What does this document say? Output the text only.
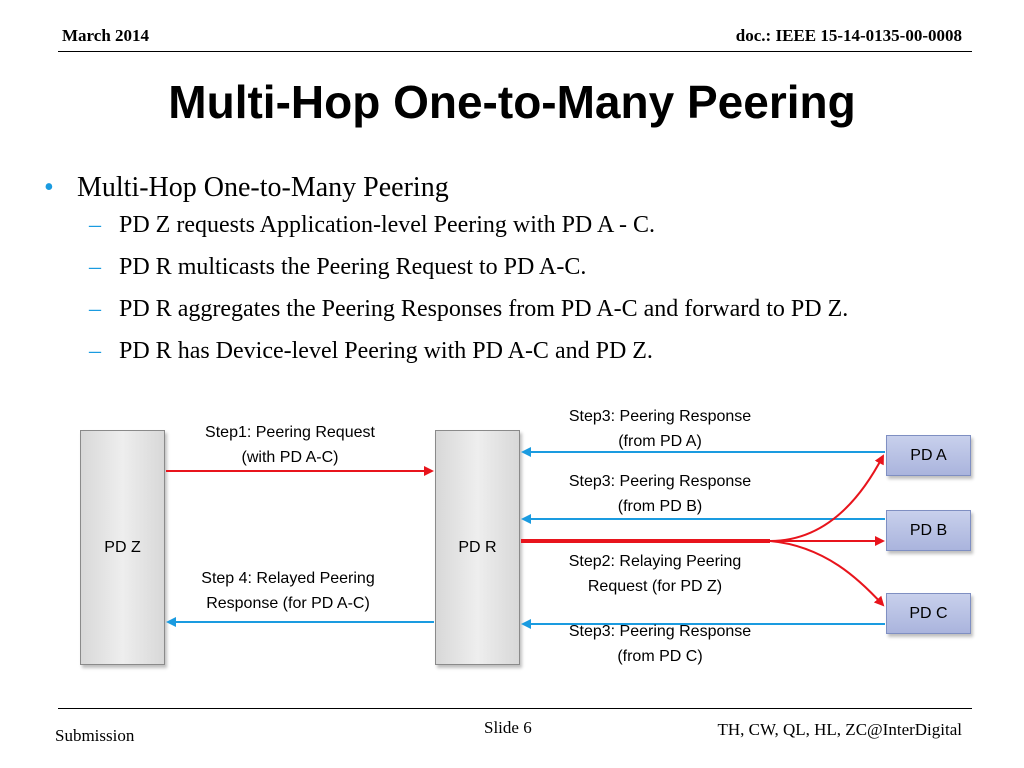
March 2014	doc.: IEEE 15-14-0135-00-0008
Multi-Hop One-to-Many Peering
• Multi-Hop One-to-Many Peering
– PD Z requests Application-level Peering with PD A - C.
– PD R multicasts the Peering Request to PD A-C.
– PD R aggregates the Peering Responses from PD A-C and forward to PD Z.
– PD R has Device-level Peering with PD A-C and PD Z.
PD Z	PD R
PD A
PD B
PD C
Step1: Peering Request
(with PD A-C)
Step 4: Relayed Peering
Response (for PD A-C)
Step3: Peering Response
(from PD A)
Step3: Peering Response
(from PD B)
Step2: Relaying Peering
Request (for PD Z)
Step3: Peering Response
(from PD C)
Submission	Slide 6	TH, CW, QL, HL, ZC@InterDigital
